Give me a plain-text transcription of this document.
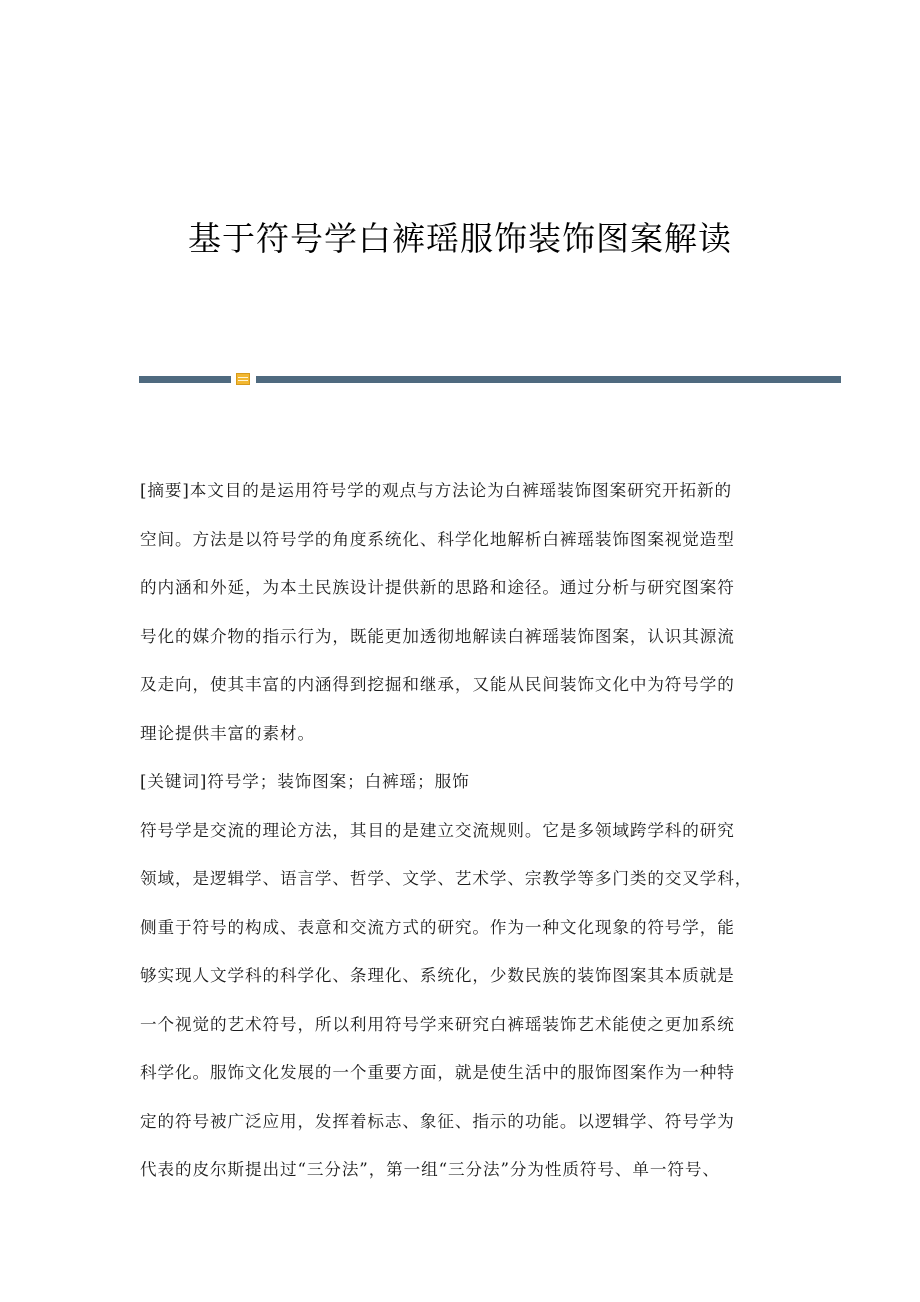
基于符号学白裤瑶服饰装饰图案解读
[摘要]本文目的是运用符号学的观点与方法论为白裤瑶装饰图案研究开拓新的
空间。方法是以符号学的角度系统化、科学化地解析白裤瑶装饰图案视觉造型
的内涵和外延，为本土民族设计提供新的思路和途径。通过分析与研究图案符
号化的媒介物的指示行为，既能更加透彻地解读白裤瑶装饰图案，认识其源流
及走向，使其丰富的内涵得到挖掘和继承，又能从民间装饰文化中为符号学的
理论提供丰富的素材。
[关键词]符号学；装饰图案；白裤瑶；服饰
符号学是交流的理论方法，其目的是建立交流规则。它是多领域跨学科的研究
领域，是逻辑学、语言学、哲学、文学、艺术学、宗教学等多门类的交叉学科，
侧重于符号的构成、表意和交流方式的研究。作为一种文化现象的符号学，能
够实现人文学科的科学化、条理化、系统化，少数民族的装饰图案其本质就是
一个视觉的艺术符号，所以利用符号学来研究白裤瑶装饰艺术能使之更加系统
科学化。服饰文化发展的一个重要方面，就是使生活中的服饰图案作为一种特
定的符号被广泛应用，发挥着标志、象征、指示的功能。以逻辑学、符号学为
代表的皮尔斯提出过“三分法”，第一组“三分法”分为性质符号、单一符号、
